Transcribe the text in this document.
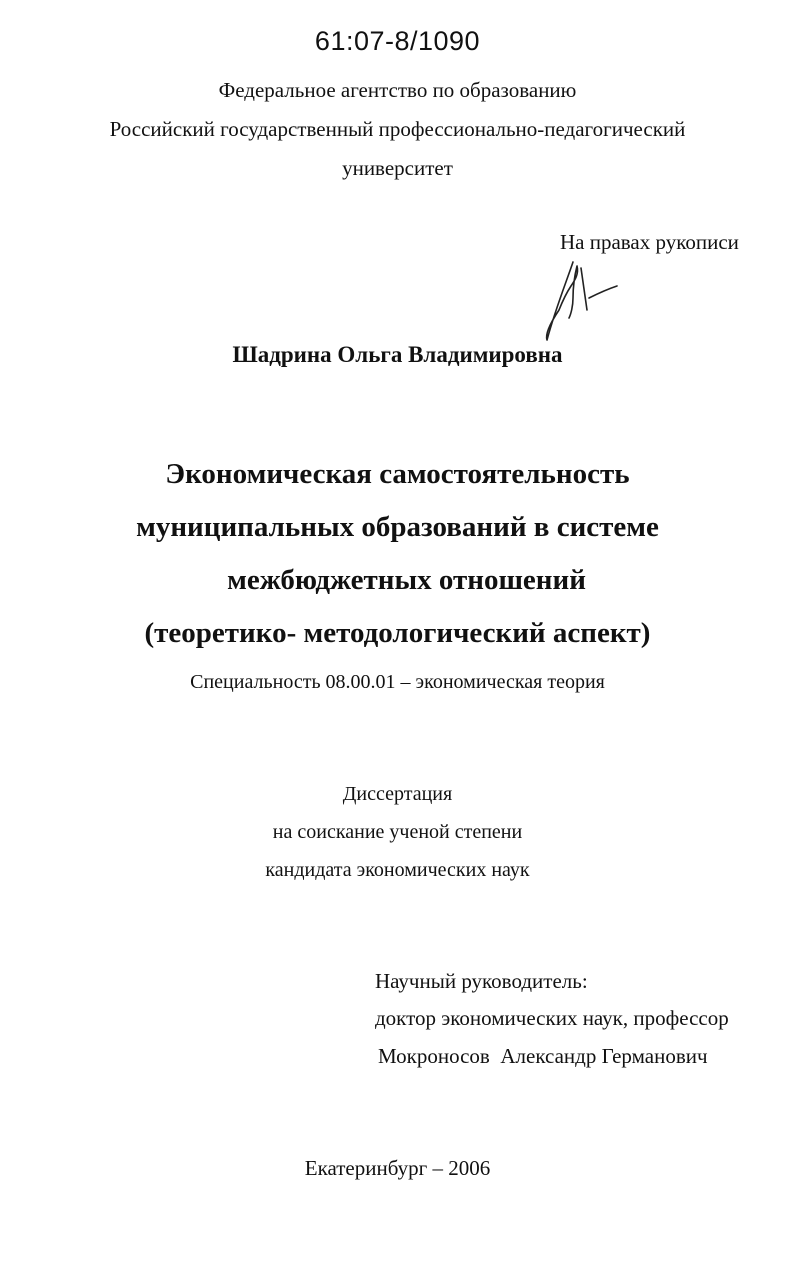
61:07-8/1090
Федеральное агентство по образованию
Российский государственный профессионально-педагогический
университет
На правах рукописи
Шадрина Ольга Владимировна
Экономическая самостоятельность
муниципальных образований в системе
межбюджетных отношений
(теоретико- методологический аспект)
Специальность 08.00.01 – экономическая теория
Диссертация
на соискание ученой степени
кандидата экономических наук
Научный руководитель:
доктор экономических наук, профессор
Мокроносов  Александр Германович
Екатеринбург – 2006
